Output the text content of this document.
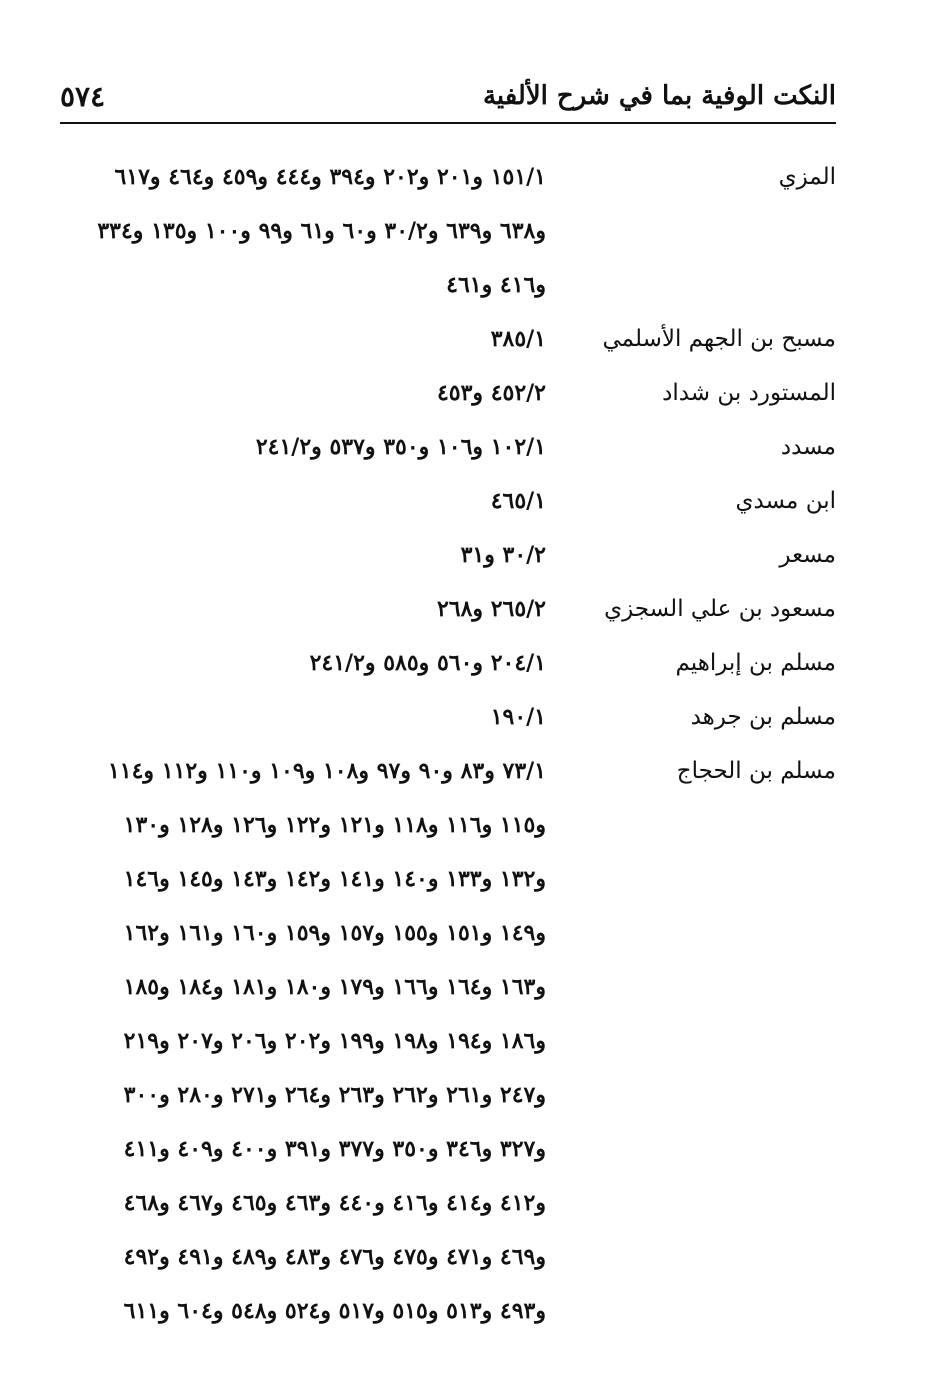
٥٧٤	النكت الوفية بما في شرح الألفية
المزي
١٥١/١ و٢٠١ و٢٠٢ و٣٩٤ و٤٤٤ و٤٥٩ و٤٦٤ و٦١٧
و٦٣٨ و٦٣٩ و٣٠/٢ و٦٠ و٦١ و٩٩ و١٠٠ و١٣٥ و٣٣٤
و٤١٦ و٤٦١
مسبح بن الجهم الأسلمي
٣٨٥/١
المستورد بن شداد
٤٥٢/٢ و٤٥٣
مسدد
١٠٢/١ و١٠٦ و٣٥٠ و٥٣٧ و٢٤١/٢
ابن مسدي
٤٦٥/١
مسعر
٣٠/٢ و٣١
مسعود بن علي السجزي
٢٦٥/٢ و٢٦٨
مسلم بن إبراهيم
٢٠٤/١ و٥٦٠ و٥٨٥ و٢٤١/٢
مسلم بن جرهد
١٩٠/١
مسلم بن الحجاج
٧٣/١ و٨٣ و٩٠ و٩٧ و١٠٨ و١٠٩ و١١٠ و١١٢ و١١٤
و١١٥ و١١٦ و١١٨ و١٢١ و١٢٢ و١٢٦ و١٢٨ و١٣٠
و١٣٢ و١٣٣ و١٤٠ و١٤١ و١٤٢ و١٤٣ و١٤٥ و١٤٦
و١٤٩ و١٥١ و١٥٥ و١٥٧ و١٥٩ و١٦٠ و١٦١ و١٦٢
و١٦٣ و١٦٤ و١٦٦ و١٧٩ و١٨٠ و١٨١ و١٨٤ و١٨٥
و١٨٦ و١٩٤ و١٩٨ و١٩٩ و٢٠٢ و٢٠٦ و٢٠٧ و٢١٩
و٢٤٧ و٢٦١ و٢٦٢ و٢٦٣ و٢٦٤ و٢٧١ و٢٨٠ و٣٠٠
و٣٢٧ و٣٤٦ و٣٥٠ و٣٧٧ و٣٩١ و٤٠٠ و٤٠٩ و٤١١
و٤١٢ و٤١٤ و٤١٦ و٤٤٠ و٤٦٣ و٤٦٥ و٤٦٧ و٤٦٨
و٤٦٩ و٤٧١ و٤٧٥ و٤٧٦ و٤٨٣ و٤٨٩ و٤٩١ و٤٩٢
و٤٩٣ و٥١٣ و٥١٥ و٥١٧ و٥٢٤ و٥٤٨ و٦٠٤ و٦١١
